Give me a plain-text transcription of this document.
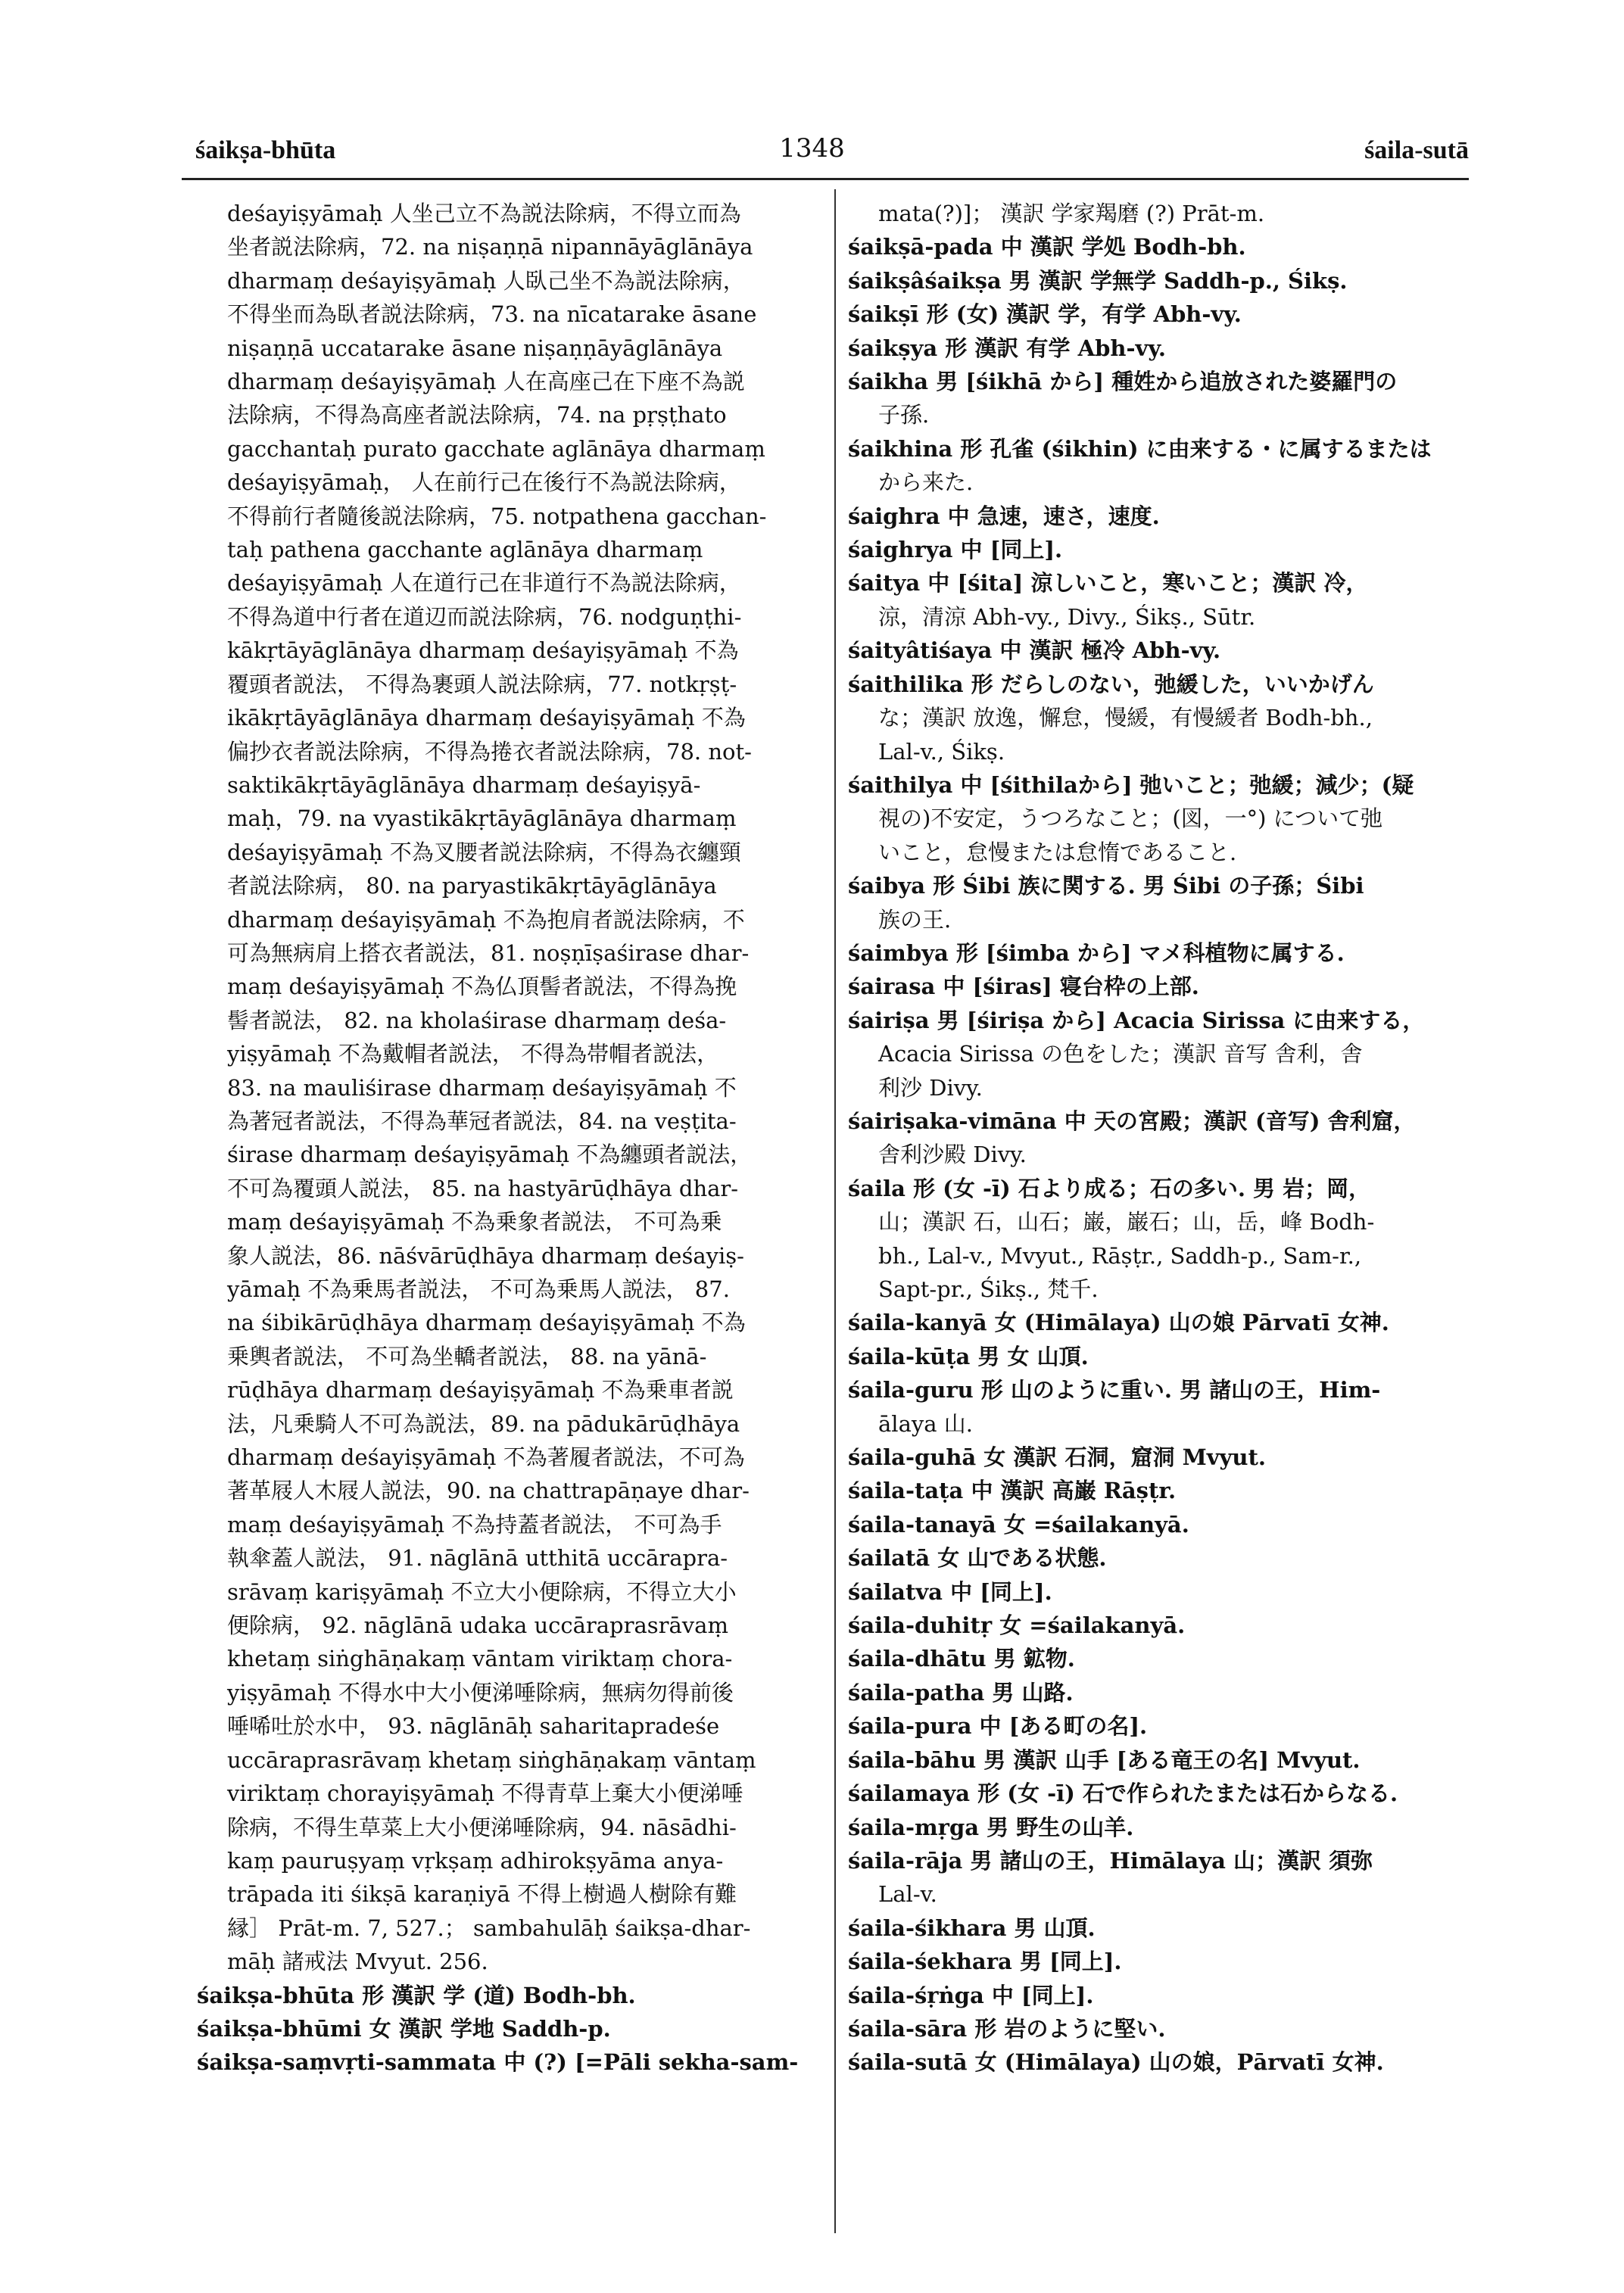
śaikṣa-bhūta	1348	śaila-sutā
deśayiṣyāmaḥ 人坐己立不為説法除病，不得立而為
坐者説法除病，72. na niṣaṇṇā nipannāyāglānāya
dharmaṃ deśayiṣyāmaḥ 人臥己坐不為説法除病，
不得坐而為臥者説法除病，73. na nīcatarake āsane
niṣaṇṇā uccatarake āsane niṣaṇṇāyāglānāya
dharmaṃ deśayiṣyāmaḥ 人在高座己在下座不為説
法除病，不得為高座者説法除病，74. na pṛṣṭhato
gacchantaḥ purato gacchate aglānāya dharmaṃ
deśayiṣyāmaḥ， 人在前行己在後行不為説法除病，
不得前行者隨後説法除病，75. notpathena gacchan-
taḥ pathena gacchante aglānāya dharmaṃ
deśayiṣyāmaḥ 人在道行己在非道行不為説法除病，
不得為道中行者在道辺而説法除病，76. nodguṇṭhi-
kākṛtāyāglānāya dharmaṃ deśayiṣyāmaḥ 不為
覆頭者説法， 不得為裹頭人説法除病，77. notkṛṣṭ-
ikākṛtāyāglānāya dharmaṃ deśayiṣyāmaḥ 不為
偏抄衣者説法除病，不得為捲衣者説法除病，78. not-
saktikākṛtāyāglānāya dharmaṃ deśayiṣyā-
maḥ，79. na vyastikākṛtāyāglānāya dharmaṃ
deśayiṣyāmaḥ 不為叉腰者説法除病，不得為衣纏頸
者説法除病， 80. na paryastikākṛtāyāglānāya
dharmaṃ deśayiṣyāmaḥ 不為抱肩者説法除病，不
可為無病肩上搭衣者説法，81. noṣṇīṣaśirase dhar-
maṃ deśayiṣyāmaḥ 不為仏頂髻者説法，不得為挽
髻者説法， 82. na kholaśirase dharmaṃ deśa-
yiṣyāmaḥ 不為戴帽者説法， 不得為帯帽者説法，
83. na mauliśirase dharmaṃ deśayiṣyāmaḥ 不
為著冠者説法，不得為華冠者説法，84. na veṣṭita-
śirase dharmaṃ deśayiṣyāmaḥ 不為纏頭者説法，
不可為覆頭人説法， 85. na hastyārūḍhāya dhar-
maṃ deśayiṣyāmaḥ 不為乗象者説法， 不可為乗
象人説法，86. nāśvārūḍhāya dharmaṃ deśayiṣ-
yāmaḥ 不為乗馬者説法， 不可為乗馬人説法， 87.
na śibikārūḍhāya dharmaṃ deśayiṣyāmaḥ 不為
乗輿者説法， 不可為坐轎者説法， 88. na yānā-
rūḍhāya dharmaṃ deśayiṣyāmaḥ 不為乗車者説
法，凡乗騎人不可為説法，89. na pādukārūḍhāya
dharmaṃ deśayiṣyāmaḥ 不為著履者説法，不可為
著革屐人木屐人説法，90. na chattrapāṇaye dhar-
maṃ deśayiṣyāmaḥ 不為持蓋者説法， 不可為手
執傘蓋人説法， 91. nāglānā utthitā uccārapra-
srāvaṃ kariṣyāmaḥ 不立大小便除病，不得立大小
便除病， 92. nāglānā udaka uccāraprasrāvaṃ
khetaṃ siṅghāṇakaṃ vāntam viriktaṃ chora-
yiṣyāmaḥ 不得水中大小便涕唾除病，無病勿得前後
唾唏吐於水中， 93. nāglānāḥ saharitapradeśe
uccāraprasrāvaṃ khetaṃ siṅghāṇakaṃ vāntaṃ
viriktaṃ chorayiṣyāmaḥ 不得青草上棄大小便涕唾
除病，不得生草菜上大小便涕唾除病，94. nāsādhi-
kaṃ pauruṣyaṃ vṛkṣaṃ adhirokṣyāma anya-
trāpada iti śikṣā karaṇiyā 不得上樹過人樹除有難
縁］ Prāt-m. 7, 527.； sambahulāḥ śaikṣa-dhar-
māḥ 諸戒法 Mvyut. 256.
śaikṣa-bhūta 形 漢訳 学 (道) Bodh-bh.
śaikṣa-bhūmi 女 漢訳 学地 Saddh-p.
śaikṣa-saṃvṛti-sammata 中 (?) [=Pāli sekha-sam-
mata(?)]； 漢訳 学家羯磨 (?) Prāt-m.
śaikṣā-pada 中 漢訳 学処 Bodh-bh.
śaikṣâśaikṣa 男 漢訳 学無学 Saddh-p., Śikṣ.
śaikṣī 形 (女) 漢訳 学，有学 Abh-vy.
śaikṣya 形 漢訳 有学 Abh-vy.
śaikha 男 [śikhā から] 種姓から追放された婆羅門の
子孫.
śaikhina 形 孔雀 (śikhin) に由来する・に属するまたは
から来た.
śaighra 中 急速，速さ，速度.
śaighrya 中 [同上].
śaitya 中 [śita] 涼しいこと，寒いこと；漢訳 冷，
涼，清涼 Abh-vy., Divy., Śikṣ., Sūtr.
śaityâtiśaya 中 漢訳 極冷 Abh-vy.
śaithilika 形 だらしのない，弛緩した，いいかげん
な；漢訳 放逸，懈怠，慢緩，有慢緩者 Bodh-bh.,
Lal-v., Śikṣ.
śaithilya 中 [śithilaから] 弛いこと；弛緩；減少；(疑
視の)不安定，うつろなこと；(図，一°) について弛
いこと，怠慢または怠惰であること.
śaibya 形 Śibi 族に関する. 男 Śibi の子孫；Śibi
族の王.
śaimbya 形 [śimba から] マメ科植物に属する.
śairasa 中 [śiras] 寝台枠の上部.
śairiṣa 男 [śiriṣa から] Acacia Sirissa に由来する，
Acacia Sirissa の色をした；漢訳 音写 舎利，舎
利沙 Divy.
śairiṣaka-vimāna 中 天の宮殿；漢訳 (音写) 舎利窟，
舎利沙殿 Divy.
śaila 形 (女 -ī) 石より成る；石の多い. 男 岩；岡，
山；漢訳 石，山石；巌，巌石；山，岳，峰 Bodh-
bh., Lal-v., Mvyut., Rāṣṭr., Saddh-p., Sam-r.,
Sapt-pr., Śikṣ., 梵千.
śaila-kanyā 女 (Himālaya) 山の娘 Pārvatī 女神.
śaila-kūṭa 男 女 山頂.
śaila-guru 形 山のように重い. 男 諸山の王，Him-
ālaya 山.
śaila-guhā 女 漢訳 石洞，窟洞 Mvyut.
śaila-taṭa 中 漢訳 高巌 Rāṣṭr.
śaila-tanayā 女 =śailakanyā.
śailatā 女 山である状態.
śailatva 中 [同上].
śaila-duhitṛ 女 =śailakanyā.
śaila-dhātu 男 鉱物.
śaila-patha 男 山路.
śaila-pura 中 [ある町の名].
śaila-bāhu 男 漢訳 山手 [ある竜王の名] Mvyut.
śailamaya 形 (女 -ī) 石で作られたまたは石からなる.
śaila-mṛga 男 野生の山羊.
śaila-rāja 男 諸山の王，Himālaya 山；漢訳 須弥
Lal-v.
śaila-śikhara 男 山頂.
śaila-śekhara 男 [同上].
śaila-śṛṅga 中 [同上].
śaila-sāra 形 岩のように堅い.
śaila-sutā 女 (Himālaya) 山の娘，Pārvatī 女神.
